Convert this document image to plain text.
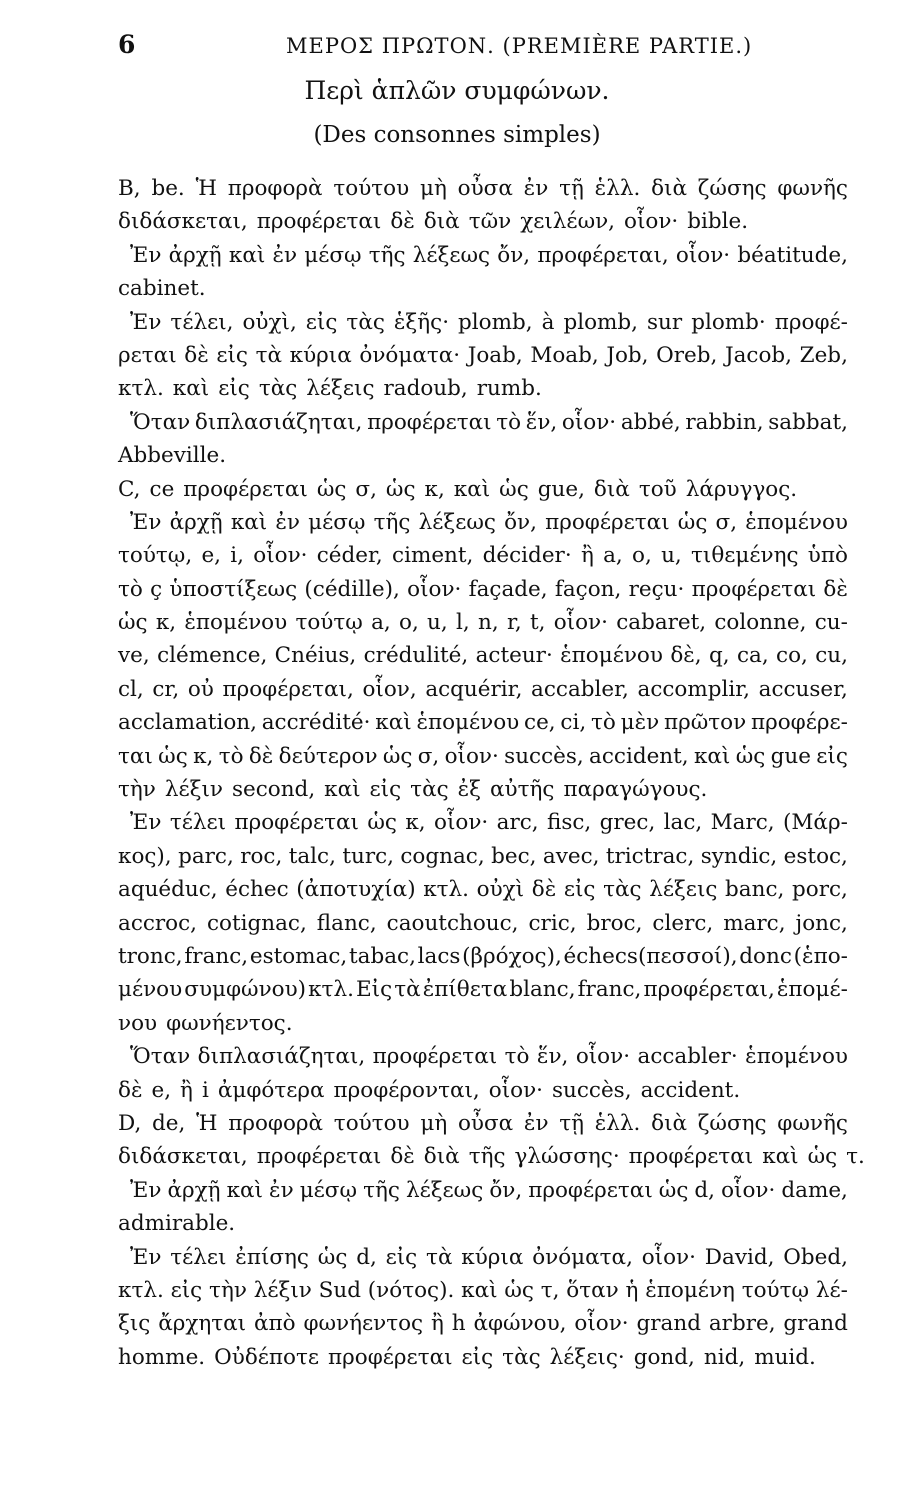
6	ΜΕΡΟΣ ΠΡΩΤΟΝ. (PREMIÈRE PARTIE.)
Περὶ ἁπλῶν συμφώνων.
(Des consonnes simples)
B, be. Ἡ προφορὰ τούτου μὴ οὖσα ἐν τῇ ἑλλ. διὰ ζώσης φωνῆς
διδάσκεται, προφέρεται δὲ διὰ τῶν χειλέων, οἷον· bible.
Ἐν ἀρχῇ καὶ ἐν μέσῳ τῆς λέξεως ὄν, προφέρεται, οἷον· béatitude,
cabinet.
Ἐν τέλει, οὐχὶ, εἰς τὰς ἑξῆς· plomb, à plomb, sur plomb· προφέ-
ρεται δὲ εἰς τὰ κύρια ὀνόματα· Joab, Moab, Job, Oreb, Jacob, Zeb,
κτλ. καὶ εἰς τὰς λέξεις radoub, rumb.
Ὅταν διπλασιάζηται, προφέρεται τὸ ἕν, οἷον· abbé, rabbin, sabbat,
Abbeville.
C, ce προφέρεται ὡς σ, ὡς κ, καὶ ὡς gue, διὰ τοῦ λάρυγγος.
Ἐν ἀρχῇ καὶ ἐν μέσῳ τῆς λέξεως ὄν, προφέρεται ὡς σ, ἑπομένου
τούτῳ, e, i, οἷον· céder, ciment, décider· ἢ a, o, u, τιθεμένης ὑπὸ
τὸ ç ὑποστίξεως (cédille), οἷον· façade, façon, reçu· προφέρεται δὲ
ὡς κ, ἑπομένου τούτῳ a, o, u, l, n, r, t, οἷον· cabaret, colonne, cu-
ve, clémence, Cnéius, crédulité, acteur· ἑπομένου δὲ, q, ca, co, cu,
cl, cr, οὐ προφέρεται, οἷον, acquérir, accabler, accomplir, accuser,
acclamation, accrédité· καὶ ἑπομένου ce, ci, τὸ μὲν πρῶτον προφέρε-
ται ὡς κ, τὸ δὲ δεύτερον ὡς σ, οἷον· succès, accident, καὶ ὡς gue εἰς
τὴν λέξιν second, καὶ εἰς τὰς ἐξ αὐτῆς παραγώγους.
Ἐν τέλει προφέρεται ὡς κ, οἷον· arc, fisc, grec, lac, Marc, (Μάρ-
κος), parc, roc, talc, turc, cognac, bec, avec, trictrac, syndic, estoc,
aquéduc, échec (ἀποτυχία) κτλ. οὐχὶ δὲ εἰς τὰς λέξεις banc, porc,
accroc, cotignac, flanc, caoutchouc, cric, broc, clerc, marc, jonc,
tronc, franc, estomac, tabac, lacs (βρόχος), échecs(πεσσοί), donc (ἑπο-
μένου συμφώνου) κτλ. Εἰς τὰ ἐπίθετα blanc, franc, προφέρεται, ἑπομέ-
νου φωνήεντος.
Ὅταν διπλασιάζηται, προφέρεται τὸ ἕν, οἷον· accabler· ἑπομένου
δὲ e, ἢ i ἀμφότερα προφέρονται, οἷον· succès, accident.
D, de, Ἡ προφορὰ τούτου μὴ οὖσα ἐν τῇ ἑλλ. διὰ ζώσης φωνῆς
διδάσκεται, προφέρεται δὲ διὰ τῆς γλώσσης· προφέρεται καὶ ὡς τ.
Ἐν ἀρχῇ καὶ ἐν μέσῳ τῆς λέξεως ὄν, προφέρεται ὡς d, οἷον· dame,
admirable.
Ἐν τέλει ἐπίσης ὡς d, εἰς τὰ κύρια ὀνόματα, οἷον· David, Obed,
κτλ. εἰς τὴν λέξιν Sud (νότος). καὶ ὡς τ, ὅταν ἡ ἑπομένη τούτῳ λέ-
ξις ἄρχηται ἀπὸ φωνήεντος ἢ h ἀφώνου, οἷον· grand arbre, grand
homme. Οὐδέποτε προφέρεται εἰς τὰς λέξεις· gond, nid, muid.
